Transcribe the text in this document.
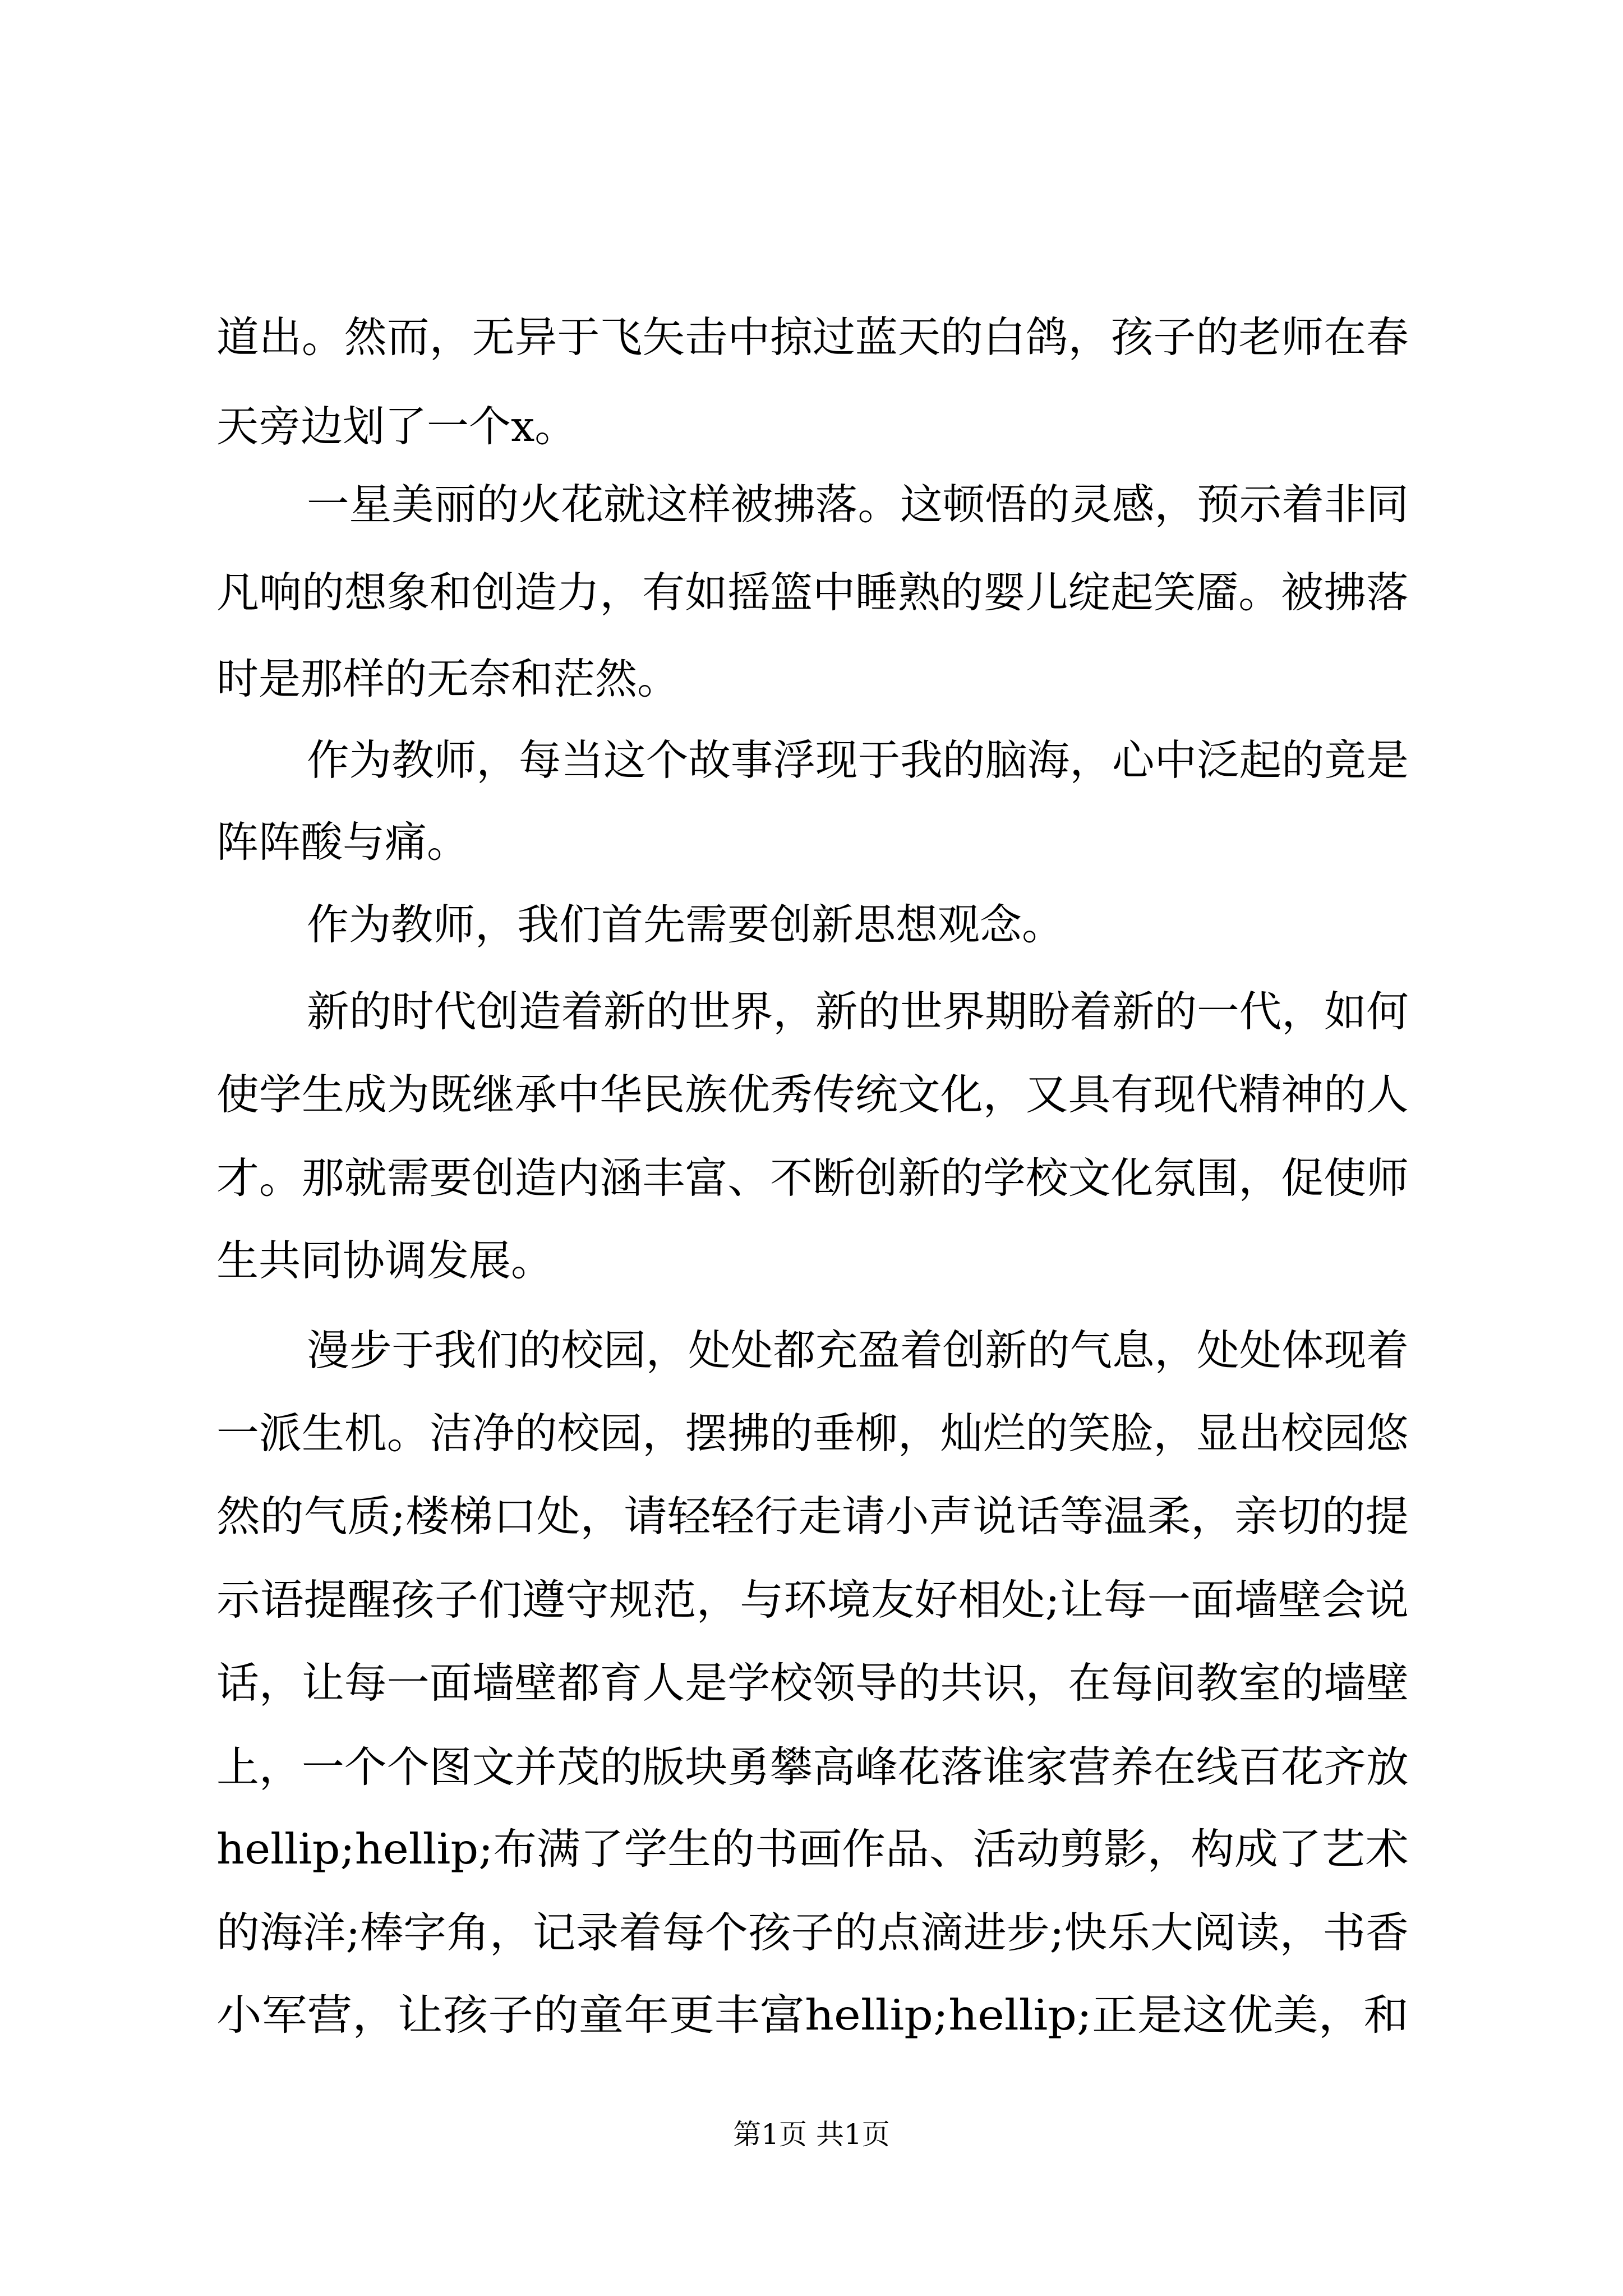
道出。然而，无异于飞矢击中掠过蓝天的白鸽，孩子的老师在春
天旁边划了一个x。
一星美丽的火花就这样被拂落。这顿悟的灵感，预示着非同
凡响的想象和创造力，有如摇篮中睡熟的婴儿绽起笑靥。被拂落
时是那样的无奈和茫然。
作为教师，每当这个故事浮现于我的脑海，心中泛起的竟是
阵阵酸与痛。
作为教师，我们首先需要创新思想观念。
新的时代创造着新的世界，新的世界期盼着新的一代，如何
使学生成为既继承中华民族优秀传统文化，又具有现代精神的人
才。那就需要创造内涵丰富、不断创新的学校文化氛围，促使师
生共同协调发展。
漫步于我们的校园，处处都充盈着创新的气息，处处体现着
一派生机。洁净的校园，摆拂的垂柳，灿烂的笑脸，显出校园悠
然的气质;楼梯口处，请轻轻行走请小声说话等温柔，亲切的提
示语提醒孩子们遵守规范，与环境友好相处;让每一面墙壁会说
话，让每一面墙壁都育人是学校领导的共识，在每间教室的墙壁
上，一个个图文并茂的版块勇攀高峰花落谁家营养在线百花齐放
hellip;hellip;布满了学生的书画作品、活动剪影，构成了艺术
的海洋;棒字角，记录着每个孩子的点滴进步;快乐大阅读，书香
小军营，让孩子的童年更丰富hellip;hellip;正是这优美，和
第1页 共1页
